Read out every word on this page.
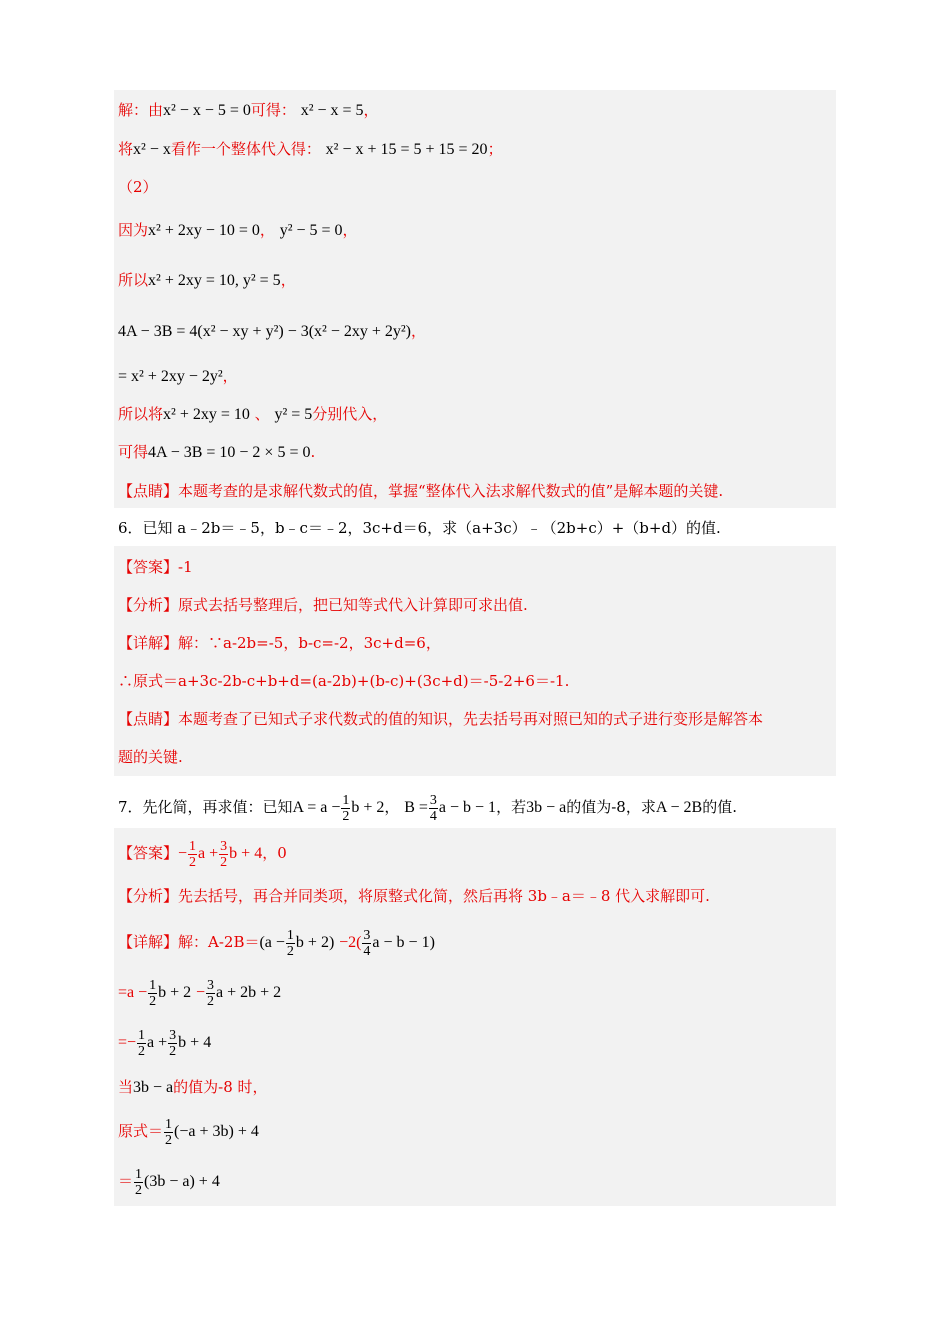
解：由x² − x − 5 = 0可得： x² − x = 5，
将x² − x看作一个整体代入得： x² − x + 15 = 5 + 15 = 20；
（2）
因为x² + 2xy − 10 = 0， y² − 5 = 0，
所以x² + 2xy = 10, y² = 5，
4A − 3B = 4(x² − xy + y²) − 3(x² − 2xy + 2y²)，
= x² + 2xy − 2y²，
所以将x² + 2xy = 10 、 y² = 5分别代入，
可得4A − 3B = 10 − 2 × 5 = 0.
【点睛】本题考查的是求解代数式的值，掌握“整体代入法求解代数式的值”是解本题的关键.
6．已知 a﹣2b＝﹣5，b﹣c＝﹣2，3c+d＝6，求（a+3c）﹣（2b+c）+（b+d）的值.
【答案】-1
【分析】原式去括号整理后，把已知等式代入计算即可求出值.
【详解】解：∵a-2b=-5，b-c=-2，3c+d=6，
∴原式＝a+3c-2b-c+b+d=(a-2b)+(b-c)+(3c+d)＝-5-2+6＝-1.
【点睛】本题考查了已知式子求代数式的值的知识，先去括号再对照已知的式子进行变形是解答本
题的关键.
7．先化简，再求值：已知$A = a - \frac{1}{2}$ b + 2， $B = \frac{3}{4}$ a − b − 1，若3b − a的值为-8，求A − 2B的值.
【答案】− $\frac{1}{2}$ $a + \frac{3}{2}$ b + 4，0
【分析】先去括号，再合并同类项，将原整式化简，然后再将 3b﹣a＝﹣8 代入求解即可.
【详解】解：$A-2B=(a - \frac{1}{2}$ $b + 2) -2( \frac{3}{4}$ a − b − 1)
$=a - \frac{1}{2}$ $b + 2 - \frac{3}{2}$ a + 2b + 2
=− $\frac{1}{2}$ $a + \frac{3}{2}$ b + 4
当3b − a的值为-8 时，
原式＝ $\frac{1}{2} (-a + 3b) + 4$
＝ $\frac{1}{2} (3b - a) + 4$
